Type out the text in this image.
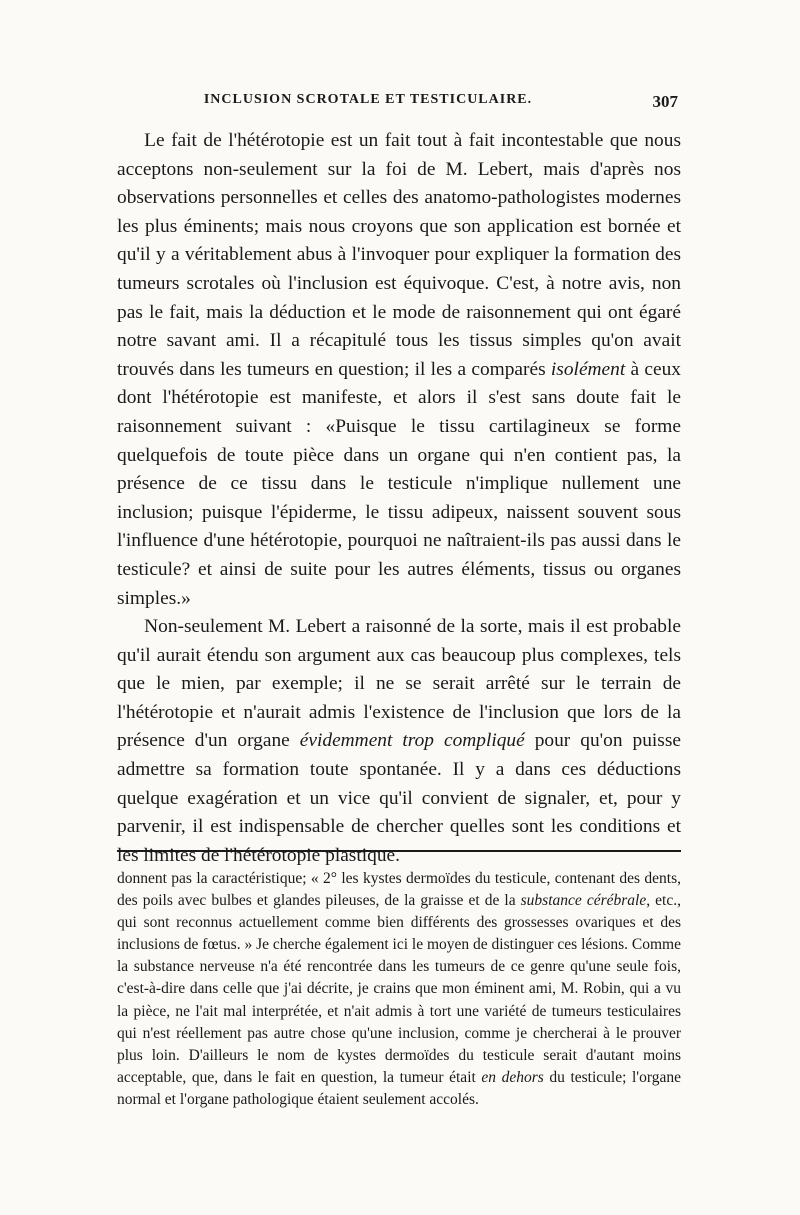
INCLUSION SCROTALE ET TESTICULAIRE.	307

Le fait de l'hétérotopie est un fait tout à fait incontestable que nous acceptons non-seulement sur la foi de M. Lebert, mais d'après nos observations personnelles et celles des anatomo-pathologistes modernes les plus éminents; mais nous croyons que son application est bornée et qu'il y a véritablement abus à l'invoquer pour expliquer la formation des tumeurs scrotales où l'inclusion est équivoque. C'est, à notre avis, non pas le fait, mais la déduction et le mode de raisonnement qui ont égaré notre savant ami. Il a récapitulé tous les tissus simples qu'on avait trouvés dans les tumeurs en question; il les a comparés isolément à ceux dont l'hétérotopie est manifeste, et alors il s'est sans doute fait le raisonnement suivant : «Puisque le tissu cartilagineux se forme quelquefois de toute pièce dans un organe qui n'en contient pas, la présence de ce tissu dans le testicule n'implique nullement une inclusion; puisque l'épiderme, le tissu adipeux, naissent souvent sous l'influence d'une hétérotopie, pourquoi ne naîtraient-ils pas aussi dans le testicule? et ainsi de suite pour les autres éléments, tissus ou organes simples.»

Non-seulement M. Lebert a raisonné de la sorte, mais il est probable qu'il aurait étendu son argument aux cas beaucoup plus complexes, tels que le mien, par exemple; il ne se serait arrêté sur le terrain de l'hétérotopie et n'aurait admis l'existence de l'inclusion que lors de la présence d'un organe évidemment trop compliqué pour qu'on puisse admettre sa formation toute spontanée. Il y a dans ces déductions quelque exagération et un vice qu'il convient de signaler, et, pour y parvenir, il est indispensable de chercher quelles sont les conditions et les limites de l'hétérotopie plastique.

donnent pas la caractéristique; « 2° les kystes dermoïdes du testicule, contenant des dents, des poils avec bulbes et glandes pileuses, de la graisse et de la substance cérébrale, etc., qui sont reconnus actuellement comme bien différents des grossesses ovariques et des inclusions de fœtus. » Je cherche également ici le moyen de distinguer ces lésions. Comme la substance nerveuse n'a été rencontrée dans les tumeurs de ce genre qu'une seule fois, c'est-à-dire dans celle que j'ai décrite, je crains que mon éminent ami, M. Robin, qui a vu la pièce, ne l'ait mal interprétée, et n'ait admis à tort une variété de tumeurs testiculaires qui n'est réellement pas autre chose qu'une inclusion, comme je chercherai à le prouver plus loin. D'ailleurs le nom de kystes dermoïdes du testicule serait d'autant moins acceptable, que, dans le fait en question, la tumeur était en dehors du testicule; l'organe normal et l'organe pathologique étaient seulement accolés.
